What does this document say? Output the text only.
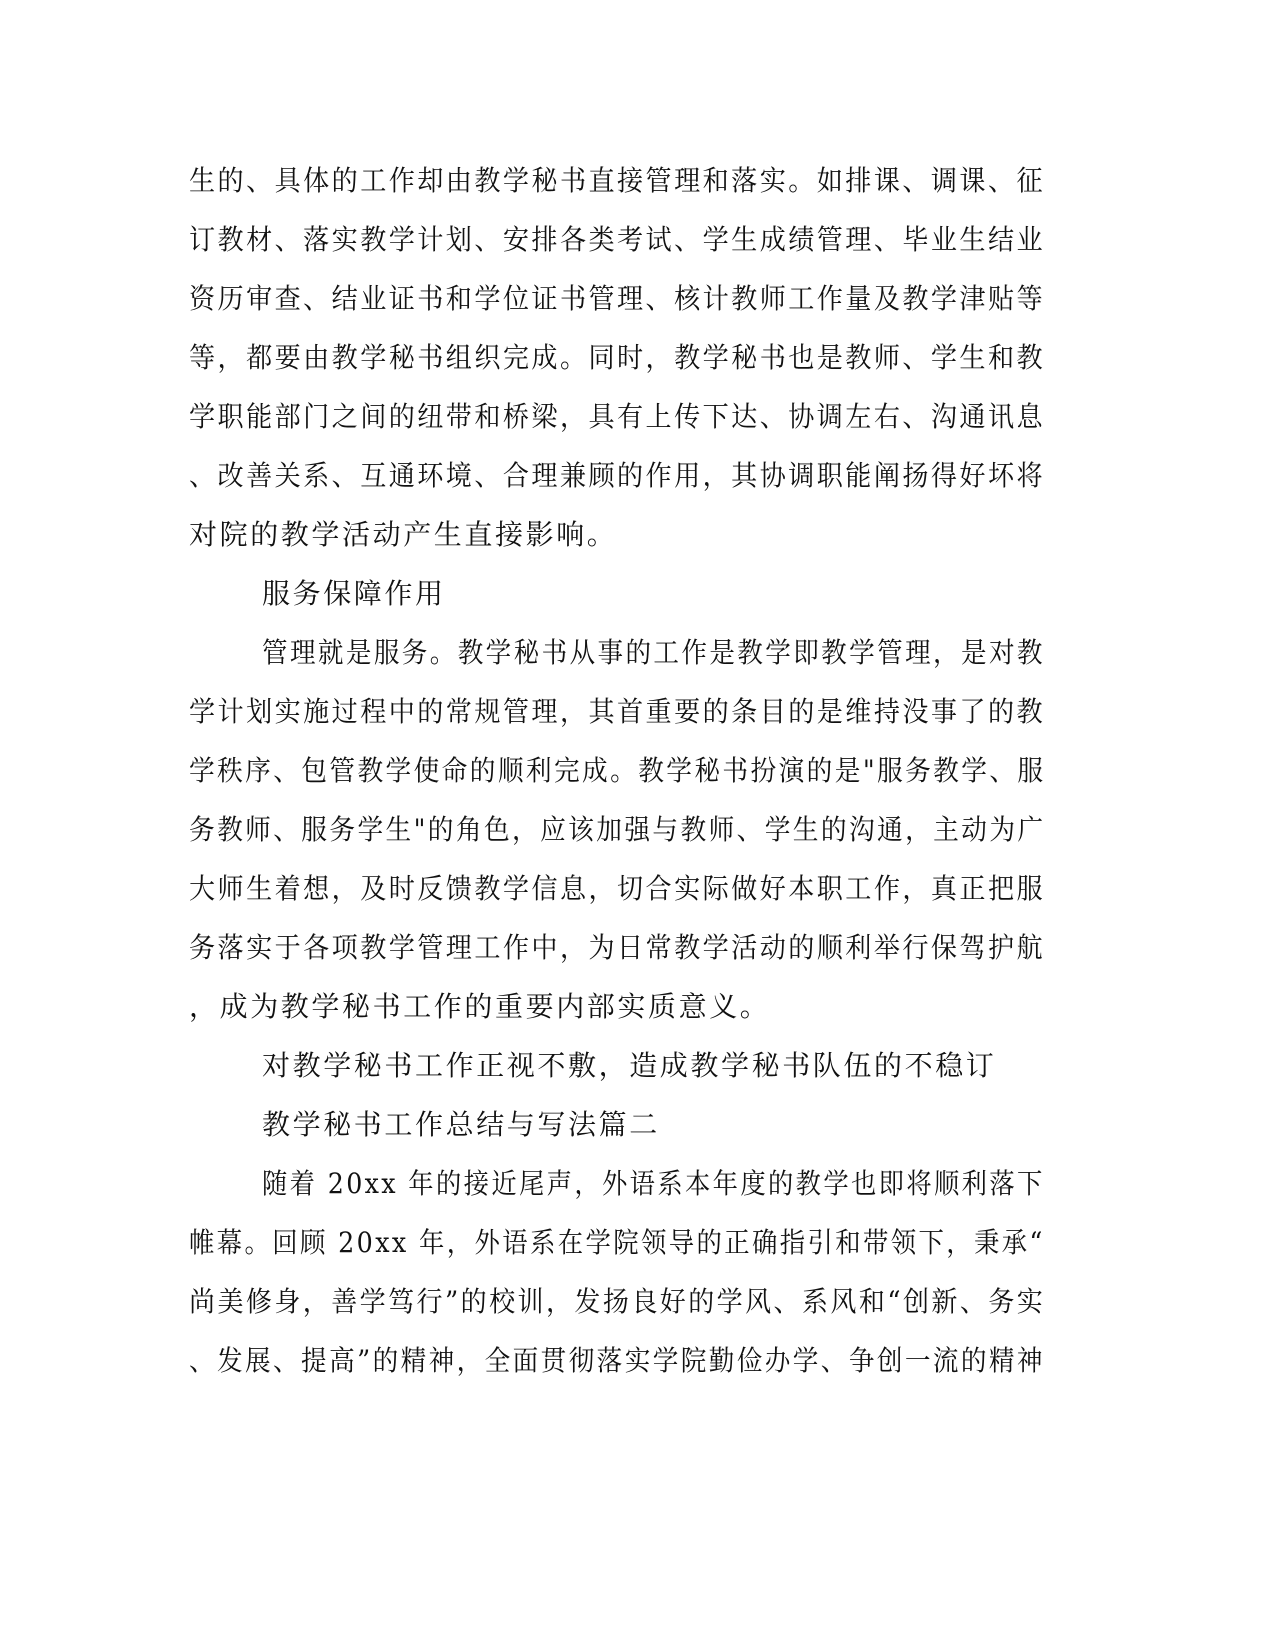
生的、具体的工作却由教学秘书直接管理和落实。如排课、调课、征
订教材、落实教学计划、安排各类考试、学生成绩管理、毕业生结业
资历审查、结业证书和学位证书管理、核计教师工作量及教学津贴等
等，都要由教学秘书组织完成。同时，教学秘书也是教师、学生和教
学职能部门之间的纽带和桥梁，具有上传下达、协调左右、沟通讯息
、改善关系、互通环境、合理兼顾的作用，其协调职能阐扬得好坏将
对院的教学活动产生直接影响。
服务保障作用
管理就是服务。教学秘书从事的工作是教学即教学管理，是对教
学计划实施过程中的常规管理，其首重要的条目的是维持没事了的教
学秩序、包管教学使命的顺利完成。教学秘书扮演的是"服务教学、服
务教师、服务学生"的角色，应该加强与教师、学生的沟通，主动为广
大师生着想，及时反馈教学信息，切合实际做好本职工作，真正把服
务落实于各项教学管理工作中，为日常教学活动的顺利举行保驾护航
，成为教学秘书工作的重要内部实质意义。
对教学秘书工作正视不敷，造成教学秘书队伍的不稳订
教学秘书工作总结与写法篇二
随着 20xx 年的接近尾声，外语系本年度的教学也即将顺利落下
帷幕。回顾 20xx 年，外语系在学院领导的正确指引和带领下，秉承“
尚美修身，善学笃行”的校训，发扬良好的学风、系风和“创新、务实
、发展、提高”的精神，全面贯彻落实学院勤俭办学、争创一流的精神
